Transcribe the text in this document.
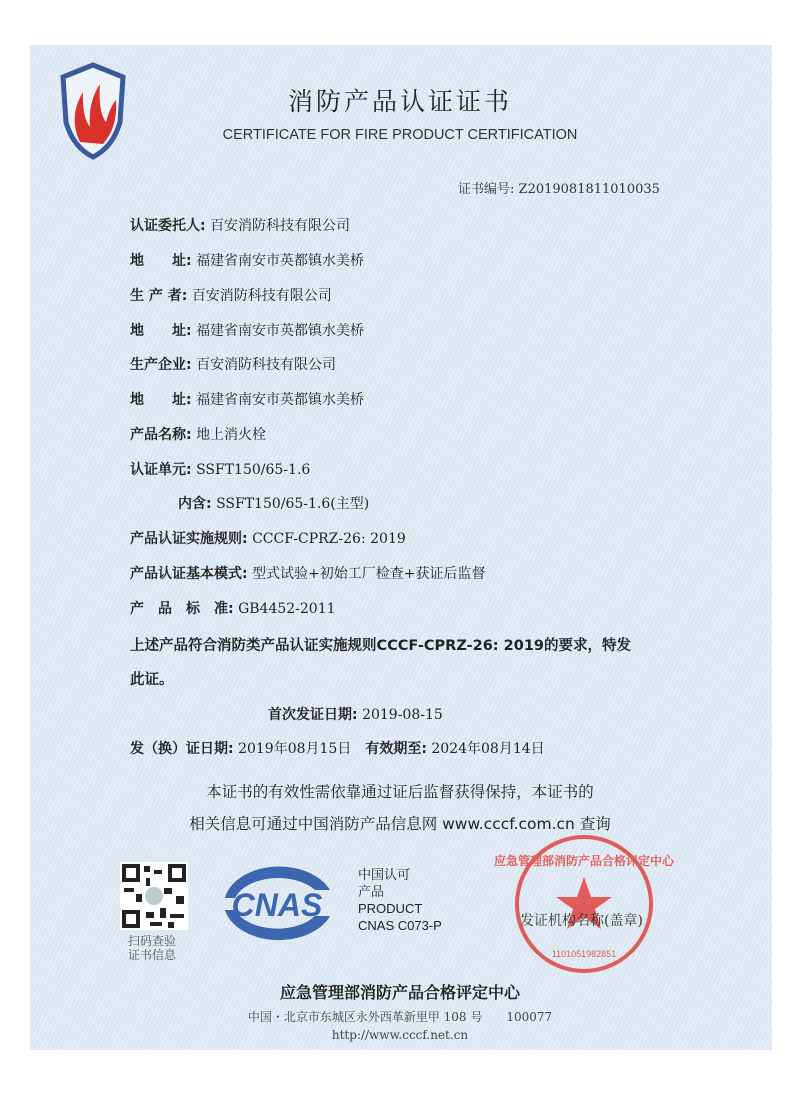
消防产品认证证书
CERTIFICATE FOR FIRE PRODUCT CERTIFICATION
证书编号: Z2019081811010035
认证委托人: 百安消防科技有限公司
地　　址: 福建省南安市英都镇水美桥
生 产 者: 百安消防科技有限公司
地　　址: 福建省南安市英都镇水美桥
生产企业: 百安消防科技有限公司
地　　址: 福建省南安市英都镇水美桥
产品名称: 地上消火栓
认证单元: SSFT150/65-1.6
内含: SSFT150/65-1.6(主型)
产品认证实施规则: CCCF-CPRZ-26: 2019
产品认证基本模式: 型式试验+初始工厂检查+获证后监督
产　品　标　准: GB4452-2011
上述产品符合消防类产品认证实施规则CCCF-CPRZ-26: 2019的要求，特发
此证。
首次发证日期: 2019-08-15
发（换）证日期: 2019年08月15日　 有效期至: 2024年08月14日
本证书的有效性需依靠通过证后监督获得保持，本证书的
相关信息可通过中国消防产品信息网 www.cccf.com.cn 查询
扫码查验
证书信息
CNAS
中国认可
产品
PRODUCT
CNAS C073-P
1101051982851
应急管理部消防产品合格评定中心
发证机构名称(盖章)
应急管理部消防产品合格评定中心
中国・北京市东城区永外西革新里甲 108 号　　100077
http://www.cccf.net.cn
